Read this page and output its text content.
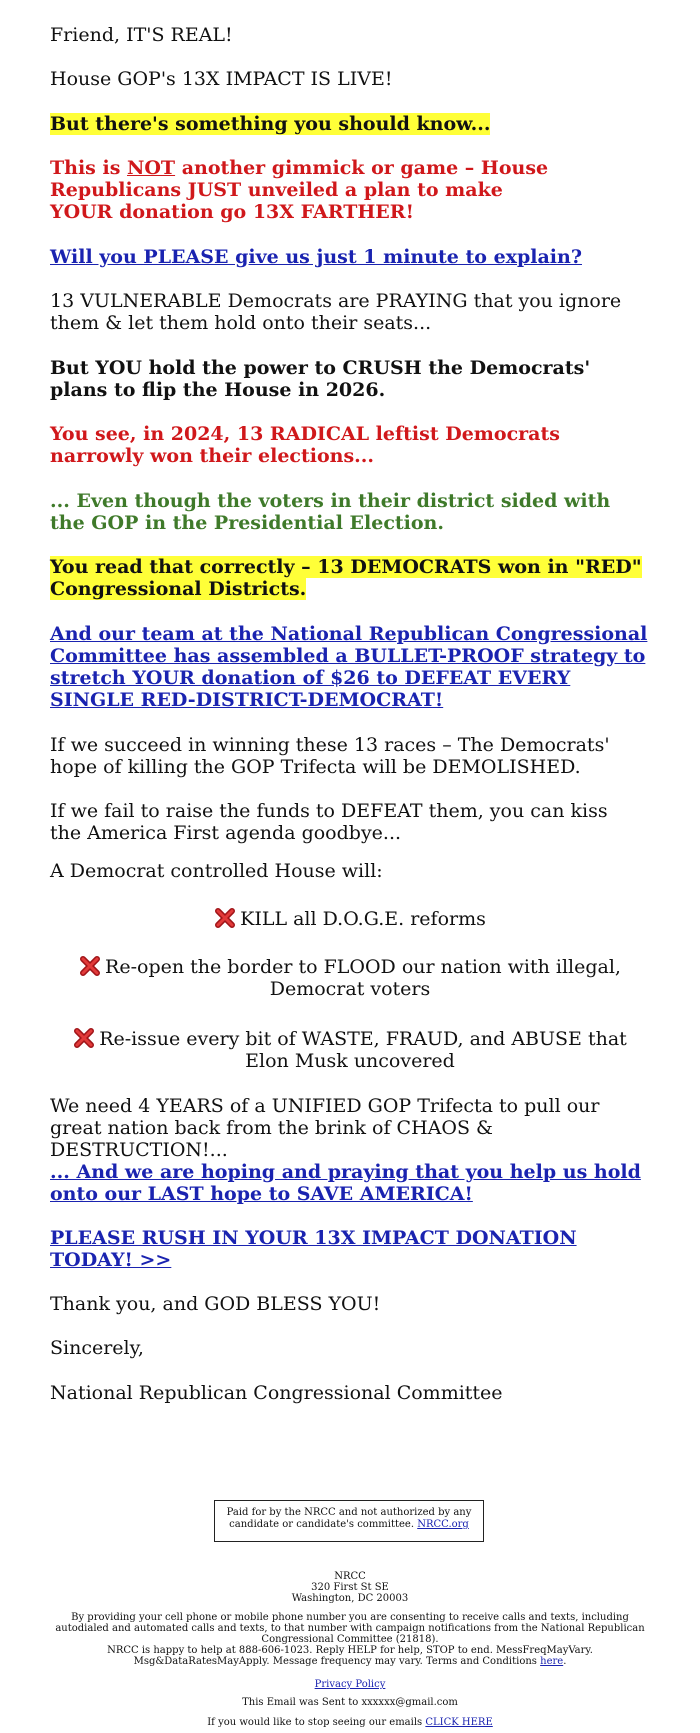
Friend, IT'S REAL!

House GOP's 13X IMPACT IS LIVE!

But there's something you should know...

This is NOT another gimmick or game – House Republicans JUST unveiled a plan to make YOUR donation go 13X FARTHER!

Will you PLEASE give us just 1 minute to explain?

13 VULNERABLE Democrats are PRAYING that you ignore them & let them hold onto their seats...

But YOU hold the power to CRUSH the Democrats' plans to flip the House in 2026.

You see, in 2024, 13 RADICAL leftist Democrats narrowly won their elections...

... Even though the voters in their district sided with the GOP in the Presidential Election.

You read that correctly – 13 DEMOCRATS won in "RED" Congressional Districts.

And our team at the National Republican Congressional Committee has assembled a BULLET-PROOF strategy to stretch YOUR donation of $26 to DEFEAT EVERY SINGLE RED-DISTRICT-DEMOCRAT!

If we succeed in winning these 13 races – The Democrats' hope of killing the GOP Trifecta will be DEMOLISHED.

If we fail to raise the funds to DEFEAT them, you can kiss the America First agenda goodbye...

A Democrat controlled House will:

KILL all D.O.G.E. reforms
Re-open the border to FLOOD our nation with illegal, Democrat voters
Re-issue every bit of WASTE, FRAUD, and ABUSE that Elon Musk uncovered

We need 4 YEARS of a UNIFIED GOP Trifecta to pull our great nation back from the brink of CHAOS & DESTRUCTION!...

... And we are hoping and praying that you help us hold onto our LAST hope to SAVE AMERICA!

PLEASE RUSH IN YOUR 13X IMPACT DONATION TODAY! >>

Thank you, and GOD BLESS YOU!

Sincerely,

National Republican Congressional Committee

Paid for by the NRCC and not authorized by any candidate or candidate's committee. NRCC.org
NRCC
320 First St SE
Washington, DC 20003
By providing your cell phone or mobile phone number you are consenting to receive calls and texts, including autodialed and automated calls and texts, to that number with campaign notifications from the National Republican Congressional Committee (21818).
NRCC is happy to help at 888-606-1023. Reply HELP for help, STOP to end. MessFreqMayVary. Msg&DataRatesMayApply. Message frequency may vary. Terms and Conditions here.
Privacy Policy
This Email was Sent to xxxxxx@gmail.com
If you would like to stop seeing our emails CLICK HERE
